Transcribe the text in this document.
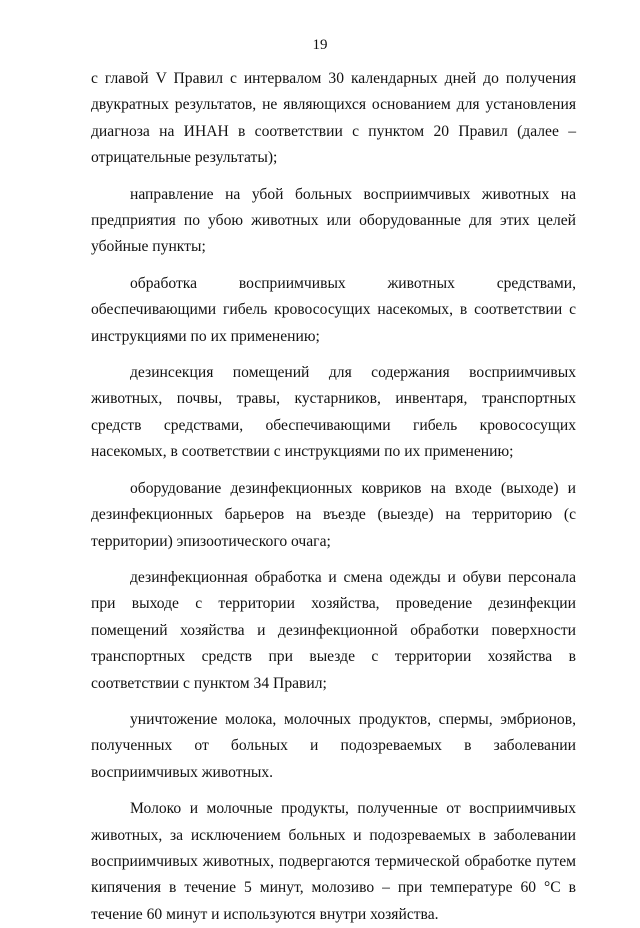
19

с главой V Правил с интервалом 30 календарных дней до получения двукратных результатов, не являющихся основанием для установления диагноза на ИНАН в соответствии с пунктом 20 Правил (далее – отрицательные результаты);

направление на убой больных восприимчивых животных на предприятия по убою животных или оборудованные для этих целей убойные пункты;

обработка восприимчивых животных средствами, обеспечивающими гибель кровососущих насекомых, в соответствии с инструкциями по их применению;

дезинсекция помещений для содержания восприимчивых животных, почвы, травы, кустарников, инвентаря, транспортных средств средствами, обеспечивающими гибель кровососущих насекомых, в соответствии с инструкциями по их применению;

оборудование дезинфекционных ковриков на входе (выходе) и дезинфекционных барьеров на въезде (выезде) на территорию (с территории) эпизоотического очага;

дезинфекционная обработка и смена одежды и обуви персонала при выходе с территории хозяйства, проведение дезинфекции помещений хозяйства и дезинфекционной обработки поверхности транспортных средств при выезде с территории хозяйства в соответствии с пунктом 34 Правил;

уничтожение молока, молочных продуктов, спермы, эмбрионов, полученных от больных и подозреваемых в заболевании восприимчивых животных.

Молоко и молочные продукты, полученные от восприимчивых животных, за исключением больных и подозреваемых в заболевании восприимчивых животных, подвергаются термической обработке путем кипячения в течение 5 минут, молозиво – при температуре 60 °С в течение 60 минут и используются внутри хозяйства.
